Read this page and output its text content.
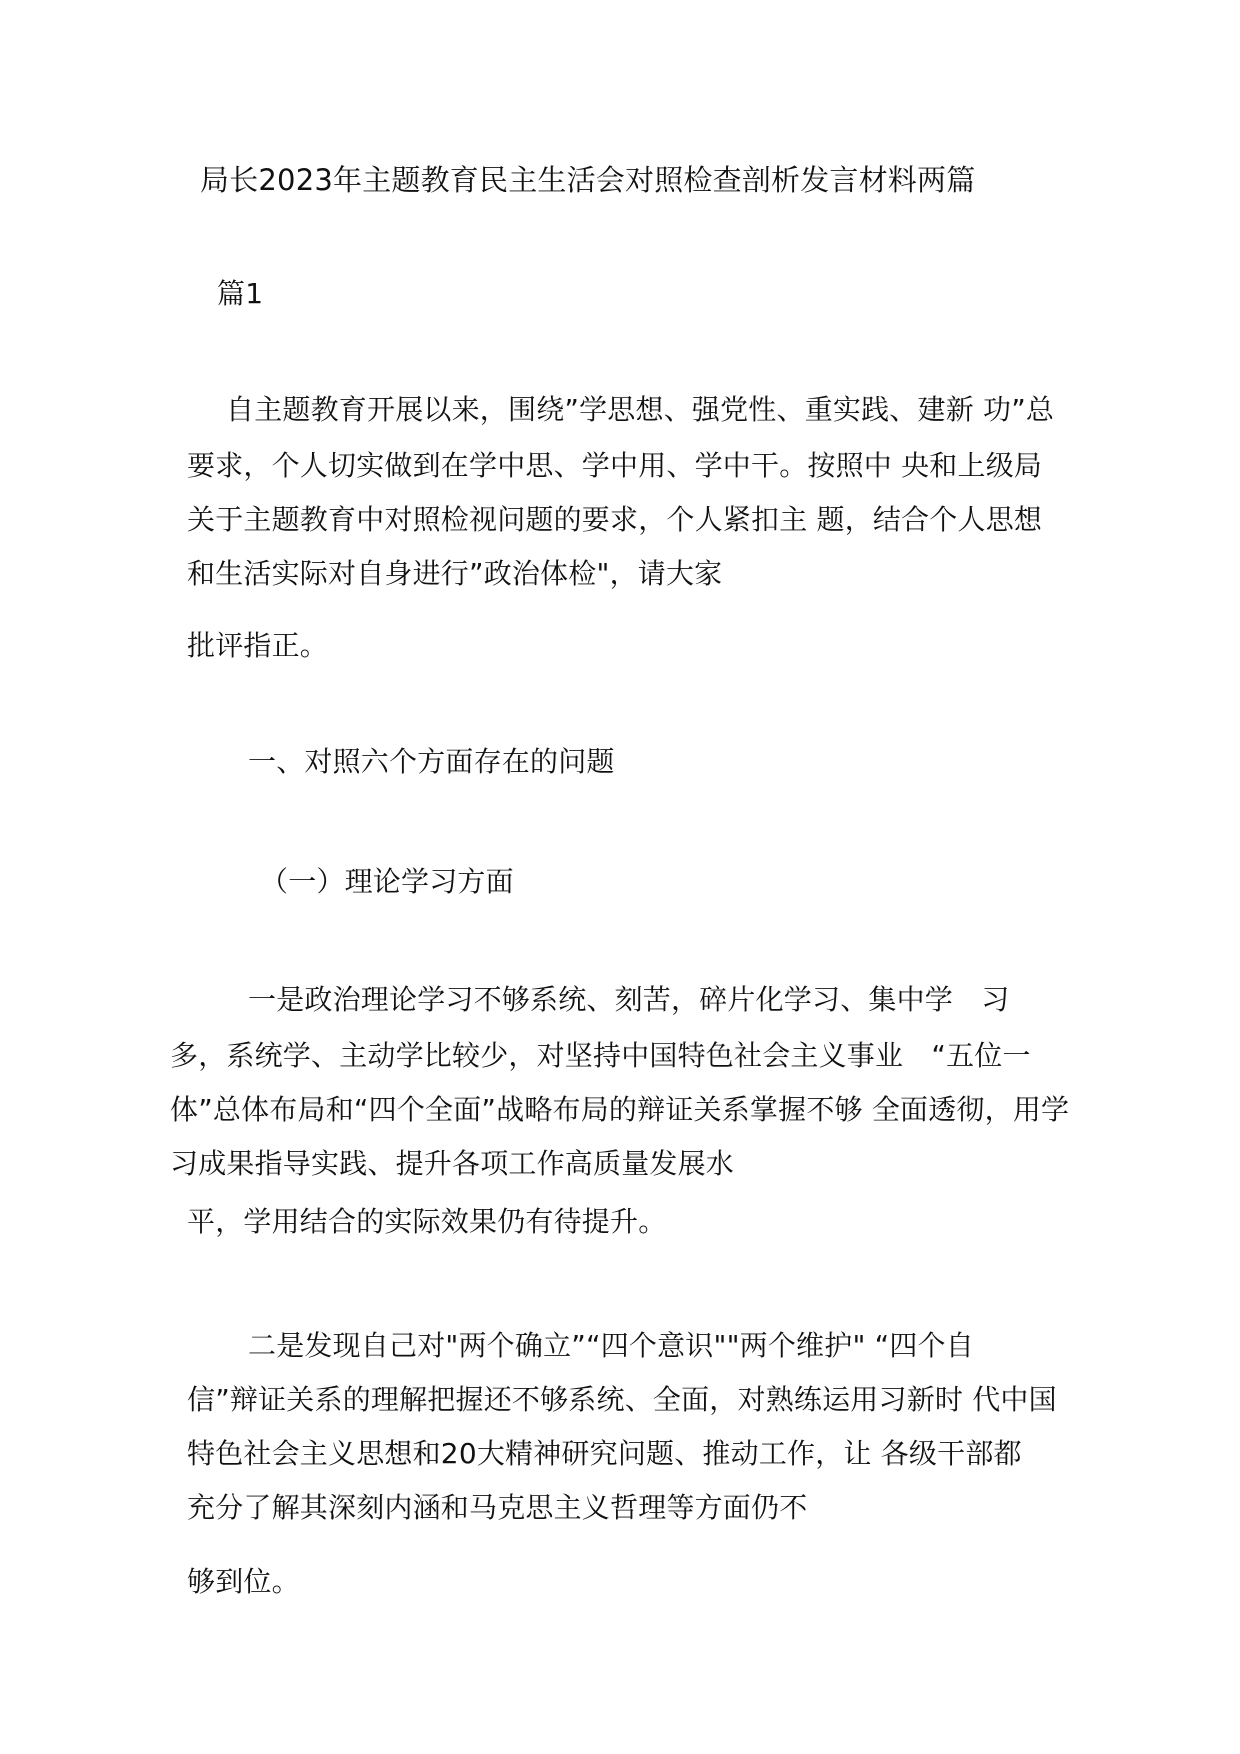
局长2023年主题教育民主生活会对照检查剖析发言材料两篇
篇1
自主题教育开展以来，围绕”学思想、强党性、重实践、建新 功”总
要求，个人切实做到在学中思、学中用、学中干。按照中 央和上级局
关于主题教育中对照检视问题的要求，个人紧扣主 题，结合个人思想
和生活实际对自身进行”政治体检"，请大家
批评指正。
一、对照六个方面存在的问题
（一）理论学习方面
一是政治理论学习不够系统、刻苦，碎片化学习、集中学　习
多，系统学、主动学比较少，对坚持中国特色社会主义事业　“五位一
体”总体布局和“四个全面”战略布局的辩证关系掌握不够 全面透彻，用学
习成果指导实践、提升各项工作高质量发展水
平，学用结合的实际效果仍有待提升。
二是发现自己对"两个确立”“四个意识""两个维护" “四个自
信”辩证关系的理解把握还不够系统、全面，对熟练运用习新时 代中国
特色社会主义思想和20大精神研究问题、推动工作，让 各级干部都
充分了解其深刻内涵和马克思主义哲理等方面仍不
够到位。
